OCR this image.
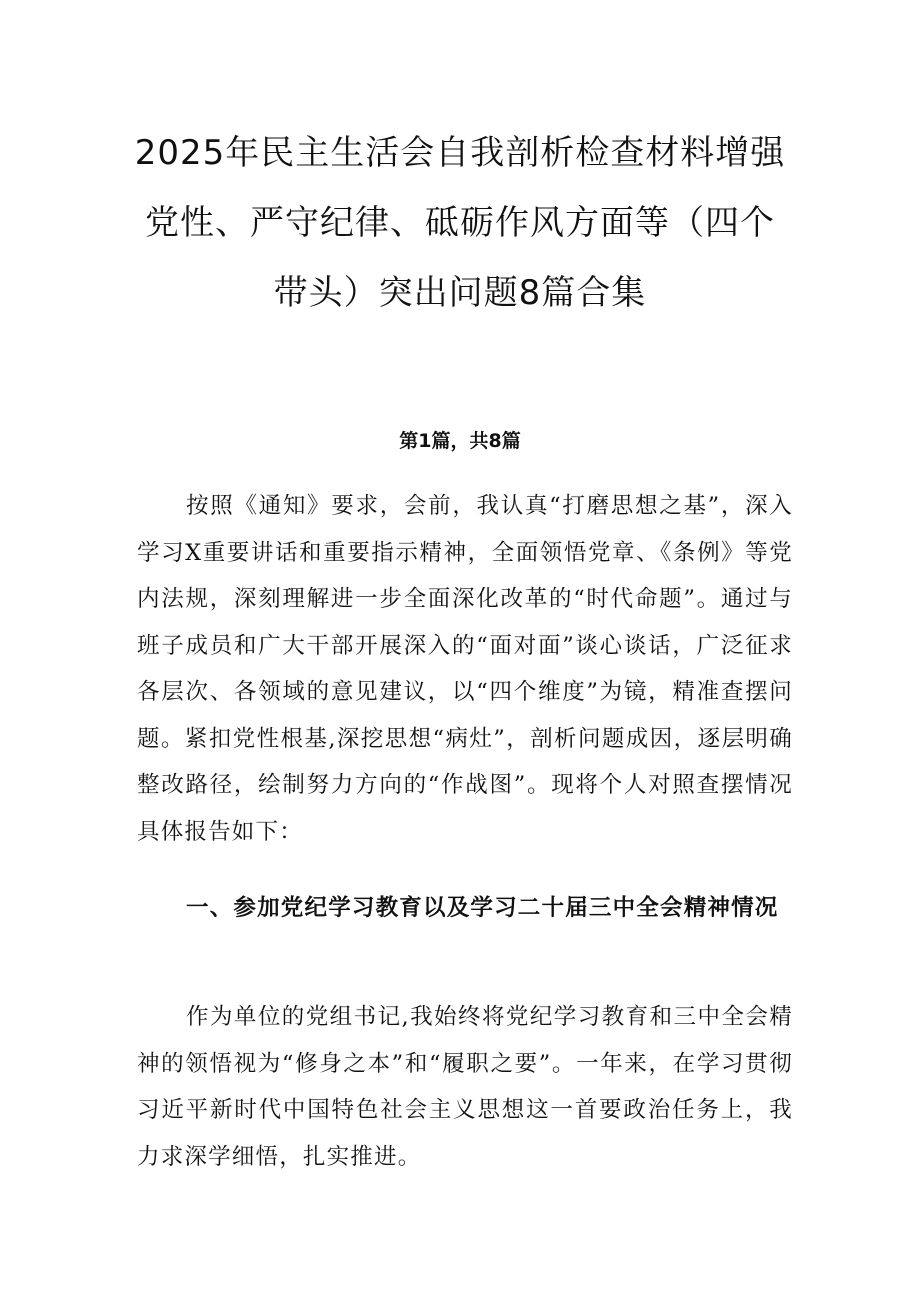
2025年民主生活会自我剖析检查材料增强
党性、严守纪律、砥砺作风方面等（四个
带头）突出问题8篇合集

第1篇，共8篇

按照《通知》要求，会前，我认真“打磨思想之基”，深入学习X重要讲话和重要指示精神，全面领悟党章、《条例》等党内法规，深刻理解进一步全面深化改革的“时代命题”。通过与班子成员和广大干部开展深入的“面对面”谈心谈话，广泛征求各层次、各领域的意见建议，以“四个维度”为镜，精准查摆问题。紧扣党性根基,深挖思想“病灶”，剖析问题成因，逐层明确整改路径，绘制努力方向的“作战图”。现将个人对照查摆情况具体报告如下：

一、参加党纪学习教育以及学习二十届三中全会精神情况

作为单位的党组书记,我始终将党纪学习教育和三中全会精神的领悟视为“修身之本”和“履职之要”。一年来，在学习贯彻习近平新时代中国特色社会主义思想这一首要政治任务上，我力求深学细悟，扎实推进。
